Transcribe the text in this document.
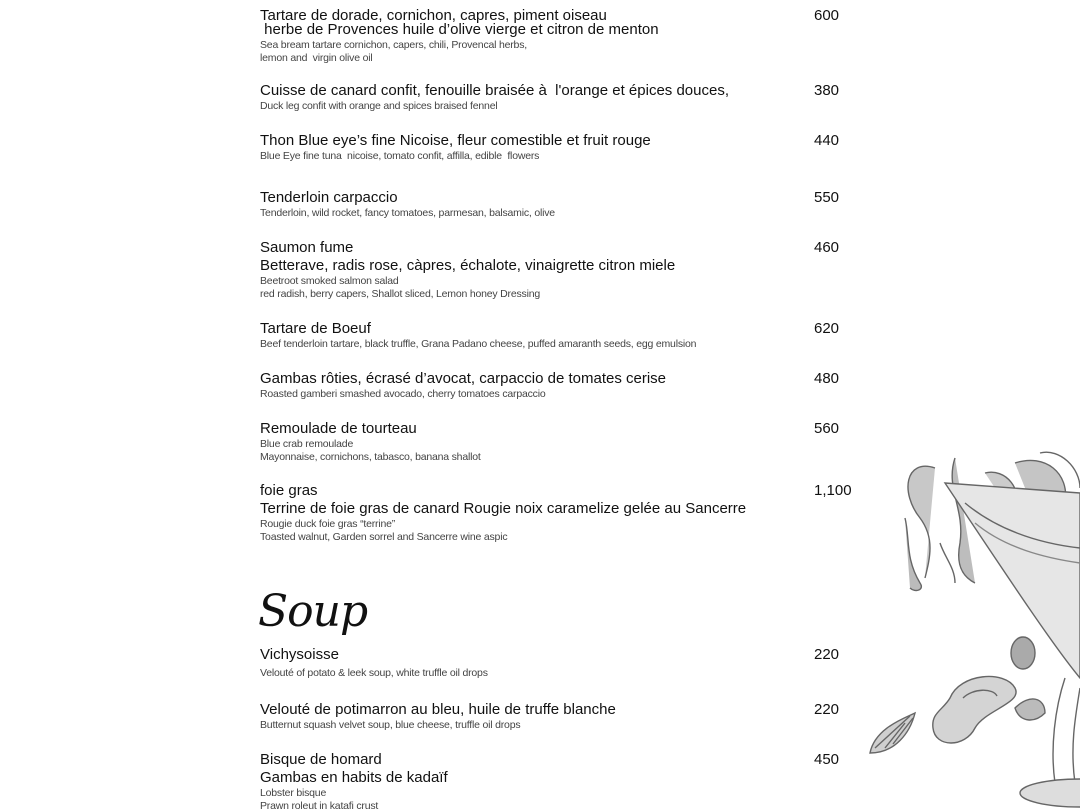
Tartare de dorade, cornichon, capres, piment oiseau
herbe de Provences huile d’olive vierge et citron de menton
Sea bream tartare cornichon, capers, chili, Provencal herbs,
lemon and  virgin olive oil
600
Cuisse de canard confit, fenouille braisée à  l'orange et épices douces,
Duck leg confit with orange and spices braised fennel
380
Thon Blue eye’s fine Nicoise, fleur comestible et fruit rouge
Blue Eye fine tuna  nicoise, tomato confit, affilla, edible  flowers
440
Tenderloin carpaccio
Tenderloin, wild rocket, fancy tomatoes, parmesan, balsamic, olive
550
Saumon fume
Betterave, radis rose, càpres, échalote, vinaigrette citron miele
Beetroot smoked salmon salad
red radish, berry capers, Shallot sliced, Lemon honey Dressing
460
Tartare de Boeuf
Beef tenderloin tartare, black truffle, Grana Padano cheese, puffed amaranth seeds, egg emulsion
620
Gambas rôties, écrasé d’avocat, carpaccio de tomates cerise
Roasted gamberi smashed avocado, cherry tomatoes carpaccio
480
Remoulade de tourteau
Blue crab remoulade
Mayonnaise, cornichons, tabasco, banana shallot
560
foie gras
Terrine de foie gras de canard Rougie noix caramelize gelée au Sancerre
Rougie duck foie gras “terrine”
Toasted walnut, Garden sorrel and Sancerre wine aspic
1,100
Soup
Vichysoisse
Velouté of potato & leek soup, white truffle oil drops
220
Velouté de potimarron au bleu, huile de truffe blanche
Butternut squash velvet soup, blue cheese, truffle oil drops
220
Bisque de homard
Gambas en habits de kadaïf
Lobster bisque
Prawn roleut in katafi crust
450
